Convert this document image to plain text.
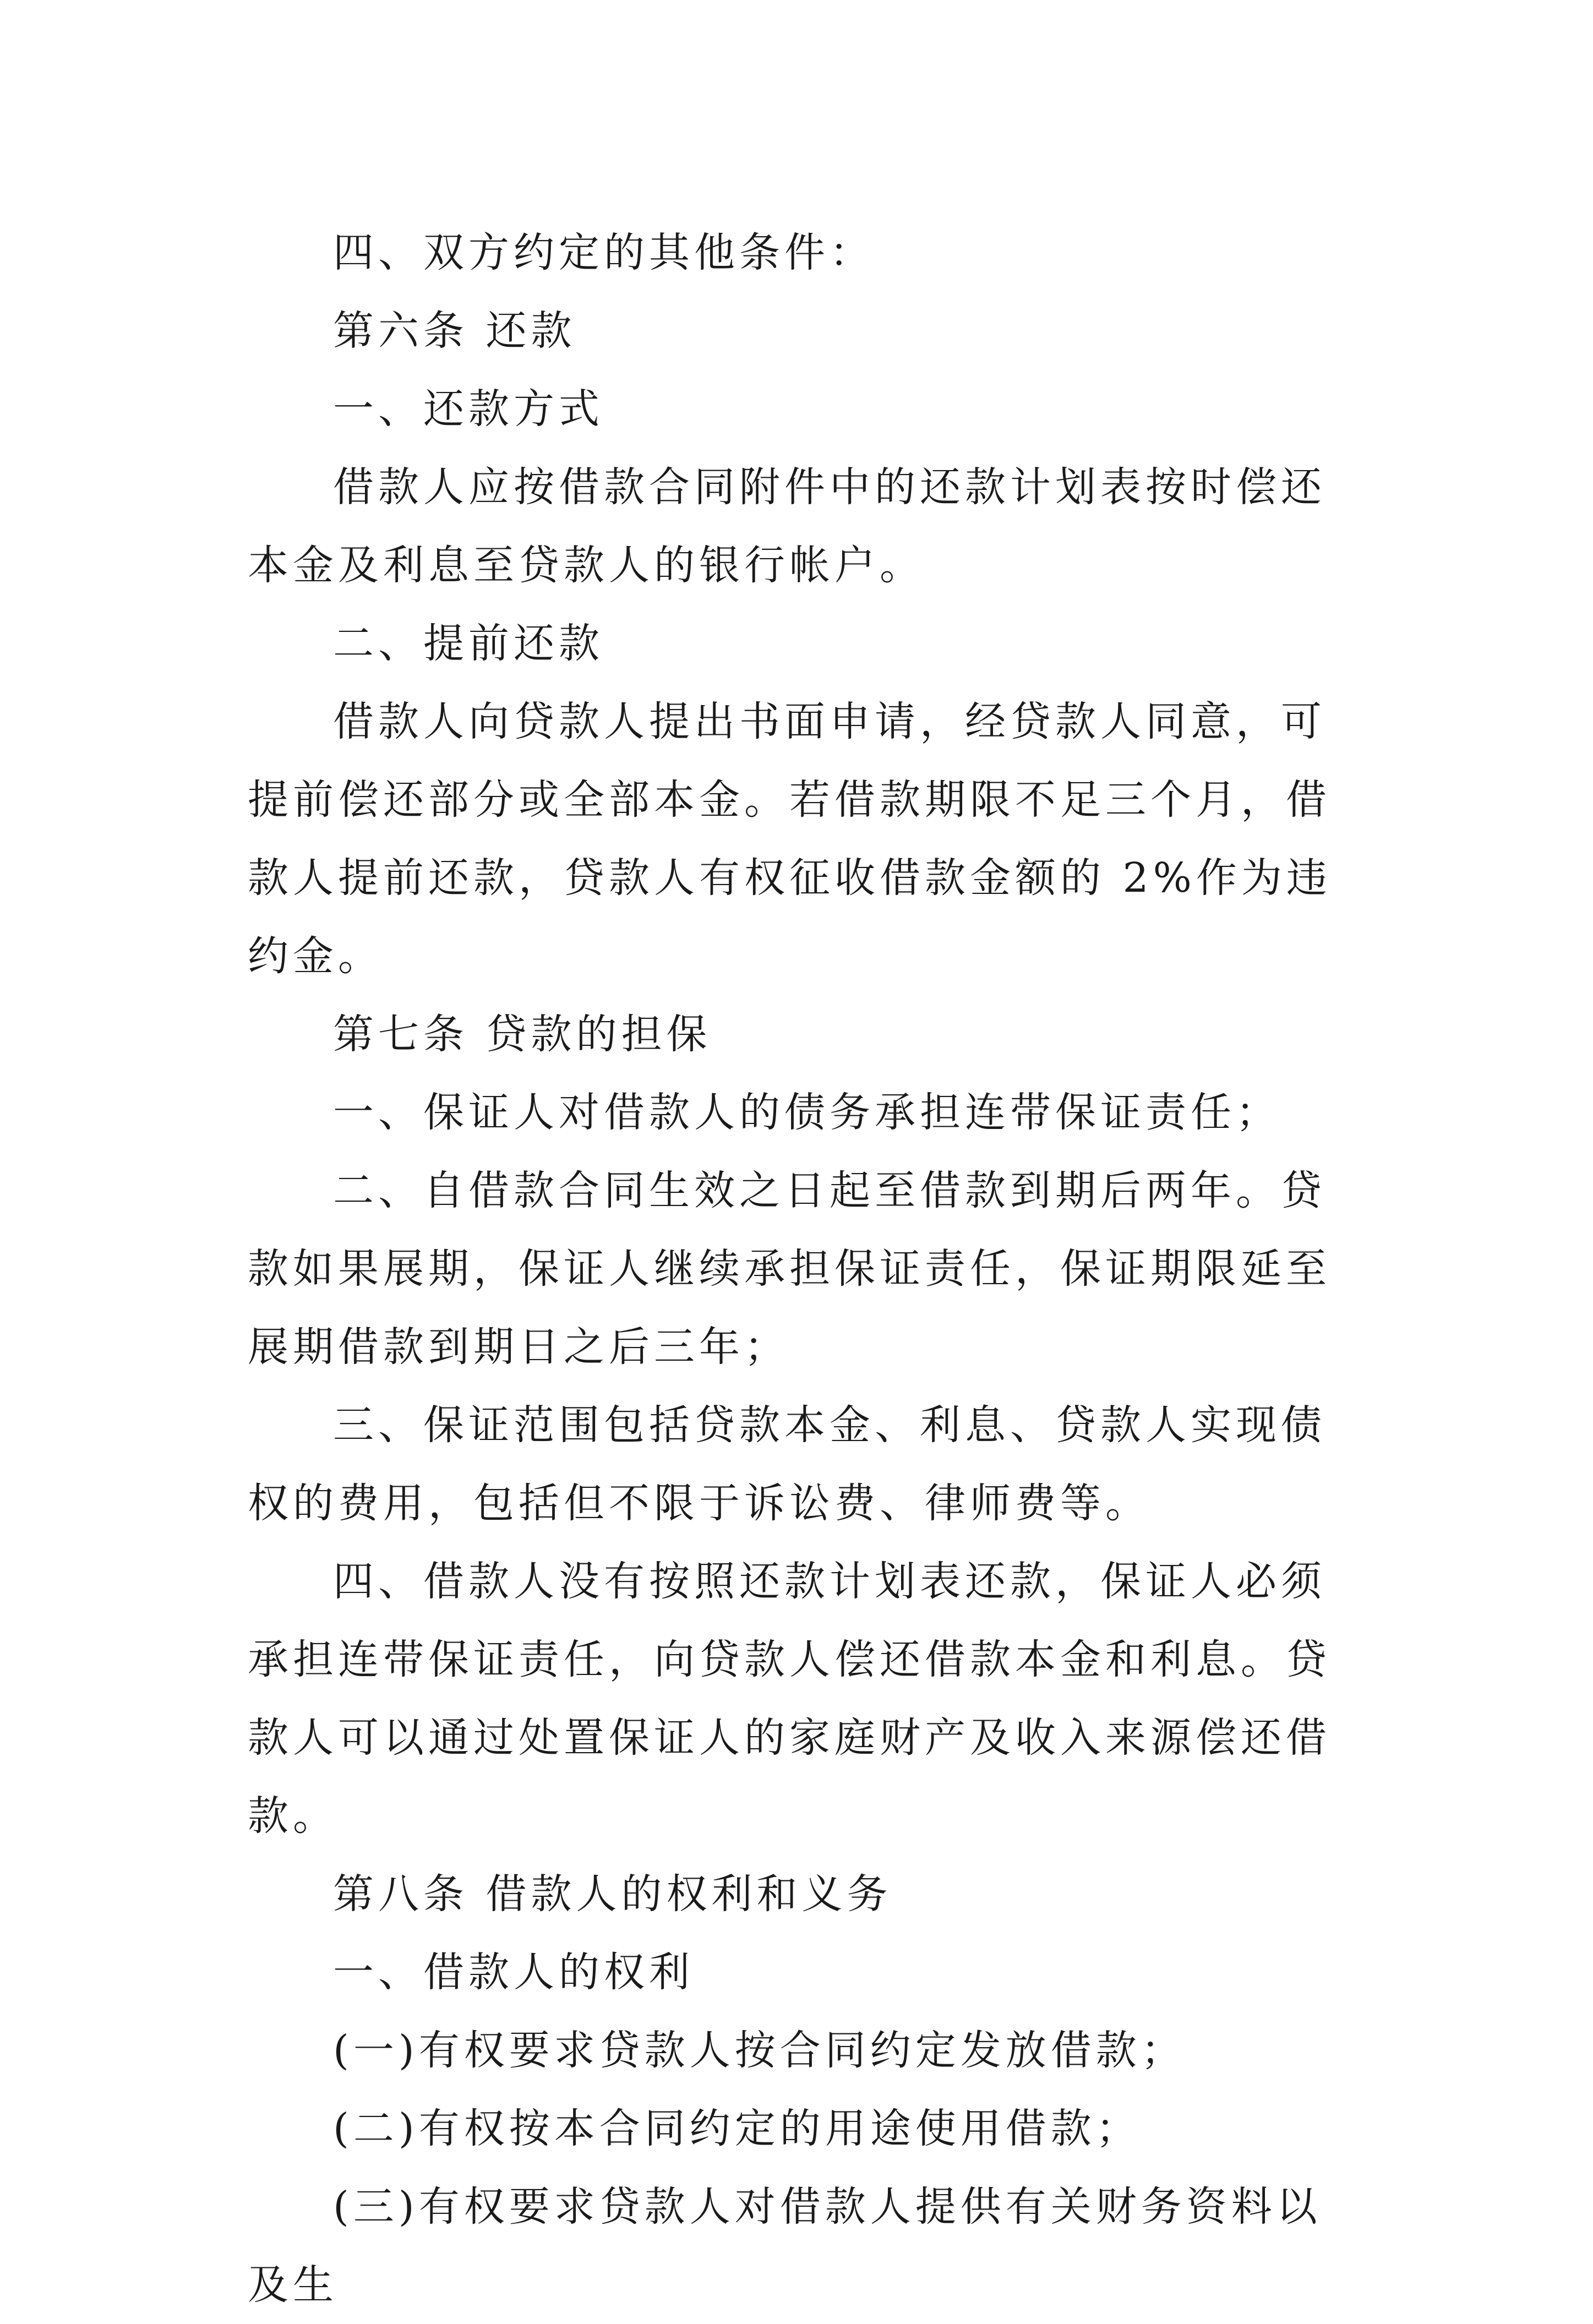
四、双方约定的其他条件：

第六条 还款

一、还款方式

借款人应按借款合同附件中的还款计划表按时偿还本金及利息至贷款人的银行帐户。

二、提前还款

借款人向贷款人提出书面申请，经贷款人同意，可提前偿还部分或全部本金。若借款期限不足三个月，借款人提前还款，贷款人有权征收借款金额的 2%作为违约金。

第七条 贷款的担保

一、保证人对借款人的债务承担连带保证责任；

二、自借款合同生效之日起至借款到期后两年。贷款如果展期，保证人继续承担保证责任，保证期限延至展期借款到期日之后三年；

三、保证范围包括贷款本金、利息、贷款人实现债权的费用，包括但不限于诉讼费、律师费等。

四、借款人没有按照还款计划表还款，保证人必须承担连带保证责任，向贷款人偿还借款本金和利息。贷款人可以通过处置保证人的家庭财产及收入来源偿还借款。

第八条 借款人的权利和义务

一、借款人的权利

(一)有权要求贷款人按合同约定发放借款；

(二)有权按本合同约定的用途使用借款；

(三)有权要求贷款人对借款人提供有关财务资料以及生
